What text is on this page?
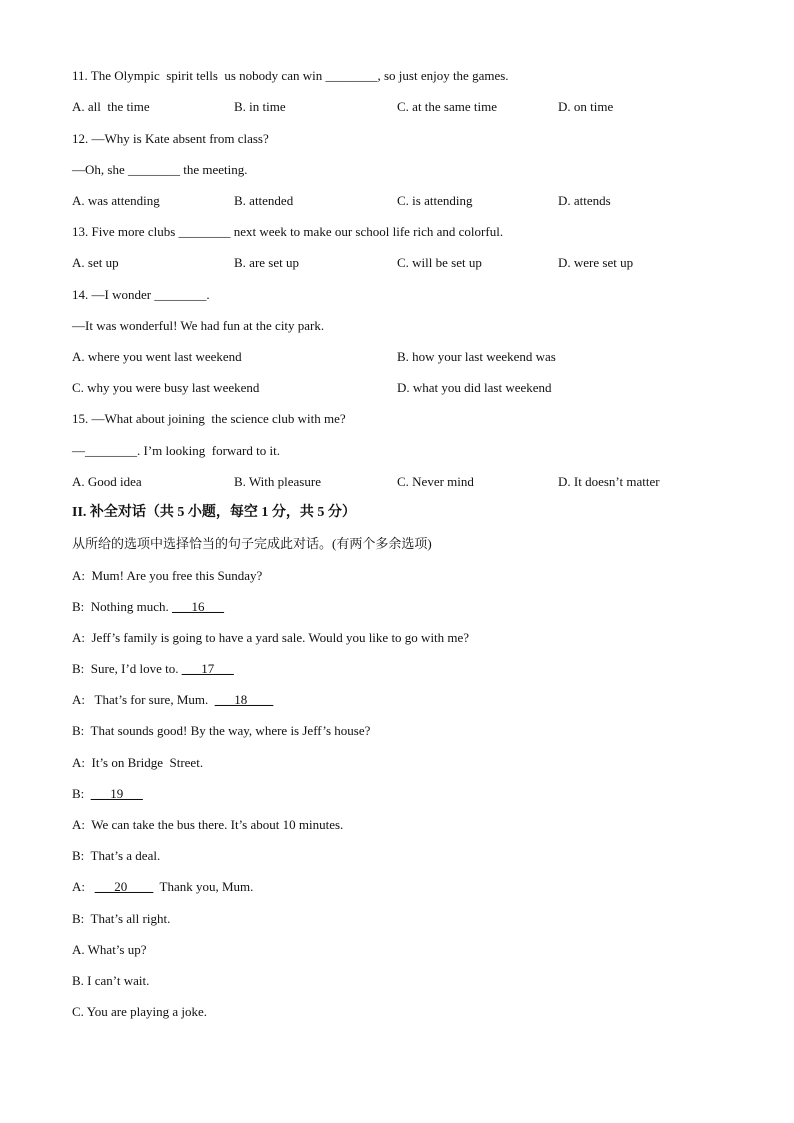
11. The Olympic  spirit tells  us nobody can win ________, so just enjoy the games.
A. all  the time	B. in time	C. at the same time	D. on time
12. —Why is Kate absent from class?
—Oh, she ________ the meeting.
A. was attending	B. attended	C. is attending	D. attends
13. Five more clubs ________ next week to make our school life rich and colorful.
A. set up	B. are set up	C. will be set up	D. were set up
14. —I wonder ________.
—It was wonderful! We had fun at the city park.
A. where you went last weekend	B. how your last weekend was
C. why you were busy last weekend	D. what you did last weekend
15. —What about joining  the science club with me?
—________. I’m looking  forward to it.
A. Good idea	B. With pleasure	C. Never mind	D. It doesn’t matter
II. 补全对话（共 5 小题，每空 1 分，共 5 分）
从所给的选项中选择恰当的句子完成此对话。(有两个多余选项)
A:  Mum! Are you free this Sunday?
B:  Nothing much. ___16___
A:  Jeff’s family is going to have a yard sale. Would you like to go with me?
B:  Sure, I’d love to. ___17___
A:   That’s for sure, Mum.  ___18____
B:  That sounds good! By the way, where is Jeff’s house?
A:  It’s on Bridge  Street.
B:  ___19___
A:  We can take the bus there. It’s about 10 minutes.
B:  That’s a deal.
A:   ___20____  Thank you, Mum.
B:  That’s all right.
A. What’s up?
B. I can’t wait.
C. You are playing a joke.
